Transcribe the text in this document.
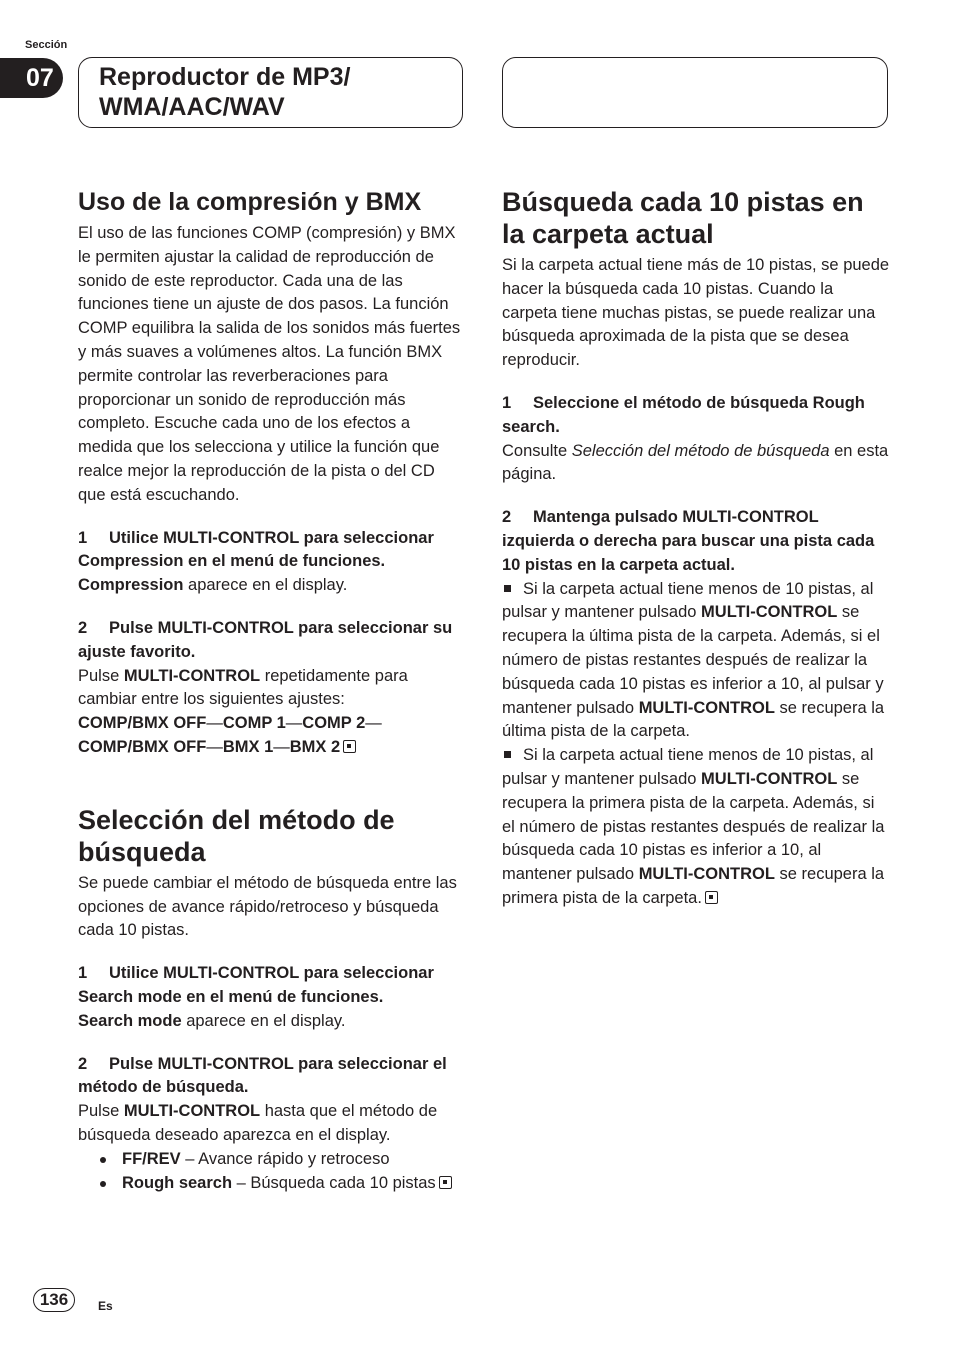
Sección
07	Reproductor de MP3/
WMA/AAC/WAV
Uso de la compresión y BMX

El uso de las funciones COMP (compresión) y BMX le permiten ajustar la calidad de reproducción de sonido de este reproductor. Cada una de las funciones tiene un ajuste de dos pasos. La función COMP equilibra la salida de los sonidos más fuertes y más suaves a volúmenes altos. La función BMX permite controlar las reverberaciones para proporcionar un sonido de reproducción más completo. Escuche cada uno de los efectos a medida que los selecciona y utilice la función que realce mejor la reproducción de la pista o del CD que está escuchando.

1 Utilice MULTI-CONTROL para seleccionar Compression en el menú de funciones.

Compression aparece en el display.

2 Pulse MULTI-CONTROL para seleccionar su ajuste favorito.

Pulse MULTI-CONTROL repetidamente para cambiar entre los siguientes ajustes:

COMP/BMX OFF—COMP 1—COMP 2—
COMP/BMX OFF—BMX 1—BMX 2

Selección del método de búsqueda

Se puede cambiar el método de búsqueda entre las opciones de avance rápido/retroceso y búsqueda cada 10 pistas.

1 Utilice MULTI-CONTROL para seleccionar Search mode en el menú de funciones.

Search mode aparece en el display.

2 Pulse MULTI-CONTROL para seleccionar el método de búsqueda.

Pulse MULTI-CONTROL hasta que el método de búsqueda deseado aparezca en el display.

FF/REV – Avance rápido y retroceso
Rough search – Búsqueda cada 10 pistas
Búsqueda cada 10 pistas en la carpeta actual

Si la carpeta actual tiene más de 10 pistas, se puede hacer la búsqueda cada 10 pistas. Cuando la carpeta tiene muchas pistas, se puede realizar una búsqueda aproximada de la pista que se desea reproducir.

1 Seleccione el método de búsqueda Rough search.

Consulte Selección del método de búsqueda en esta página.

2 Mantenga pulsado MULTI-CONTROL izquierda o derecha para buscar una pista cada 10 pistas en la carpeta actual.

Si la carpeta actual tiene menos de 10 pistas, al pulsar y mantener pulsado MULTI-CONTROL se recupera la última pista de la carpeta. Además, si el número de pistas restantes después de realizar la búsqueda cada 10 pistas es inferior a 10, al pulsar y mantener pulsado MULTI-CONTROL se recupera la última pista de la carpeta.

Si la carpeta actual tiene menos de 10 pistas, al pulsar y mantener pulsado MULTI-CONTROL se recupera la primera pista de la carpeta. Además, si el número de pistas restantes después de realizar la búsqueda cada 10 pistas es inferior a 10, al mantener pulsado MULTI-CONTROL se recupera la primera pista de la carpeta.

136	Es
